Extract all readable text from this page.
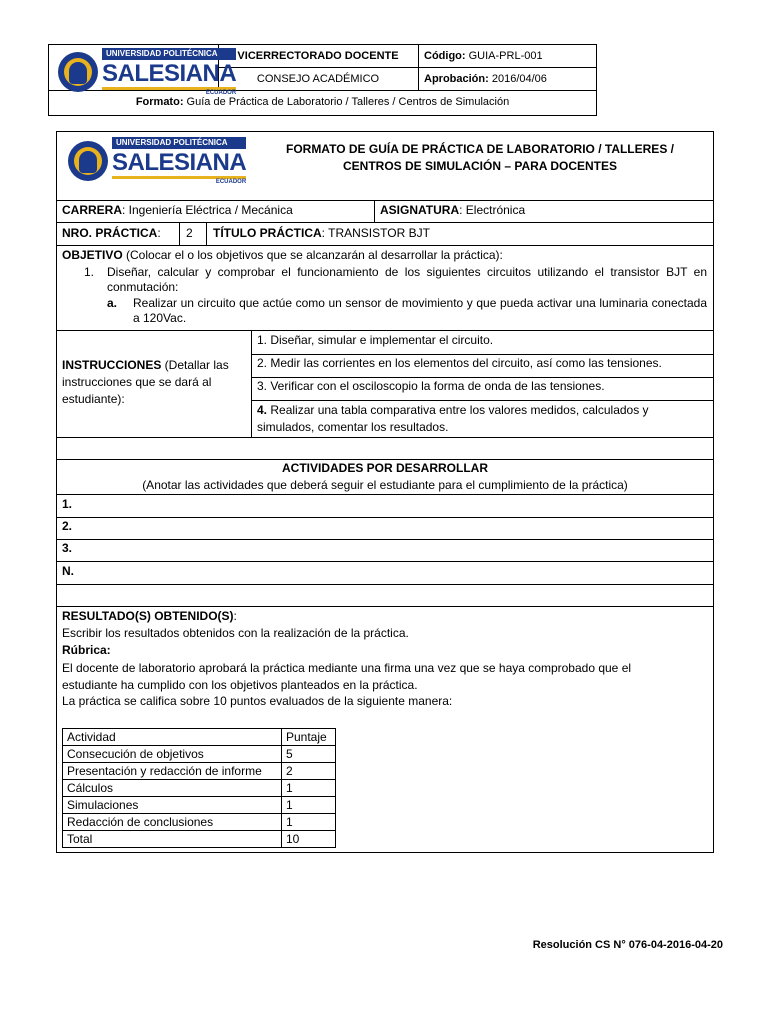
UNIVERSIDAD POLITÉCNICA
SALESIANA
ECUADOR
VICERRECTORADO DOCENTE
CONSEJO ACADÉMICO
Código: GUIA-PRL-001
Aprobación: 2016/04/06
Formato: Guía de Práctica de Laboratorio / Talleres / Centros de Simulación
UNIVERSIDAD POLITÉCNICA
SALESIANA
ECUADOR
FORMATO DE GUÍA DE PRÁCTICA DE LABORATORIO / TALLERES /
CENTROS DE SIMULACIÓN – PARA DOCENTES
CARRERA: Ingeniería Eléctrica / Mecánica	ASIGNATURA: Electrónica
NRO. PRÁCTICA: 2 TÍTULO PRÁCTICA: TRANSISTOR BJT
OBJETIVO (Colocar el o los objetivos que se alcanzarán al desarrollar la práctica):
1. Diseñar, calcular y comprobar el funcionamiento de los siguientes circuitos utilizando el transistor BJT en conmutación:
a. Realizar un circuito que actúe como un sensor de movimiento y que pueda activar una luminaria conectada a 120Vac.
INSTRUCCIONES (Detallar las instrucciones que se dará al estudiante):
1. Diseñar, simular e implementar el circuito.
2. Medir las corrientes en los elementos del circuito, así como las tensiones.
3. Verificar con el osciloscopio la forma de onda de las tensiones.
4. Realizar una tabla comparativa entre los valores medidos, calculados y simulados, comentar los resultados.
ACTIVIDADES POR DESARROLLAR
(Anotar las actividades que deberá seguir el estudiante para el cumplimiento de la práctica)
1.
2.
3.
N.
RESULTADO(S) OBTENIDO(S):
Escribir los resultados obtenidos con la realización de la práctica.
Rúbrica:
El docente de laboratorio aprobará la práctica mediante una firma una vez que se haya comprobado que el estudiante ha cumplido con los objetivos planteados en la práctica.
La práctica se califica sobre 10 puntos evaluados de la siguiente manera:
Actividad	Puntaje
Consecución de objetivos	5
Presentación y redacción de informe	2
Cálculos	1
Simulaciones	1
Redacción de conclusiones	1
Total	10
Resolución CS N° 076-04-2016-04-20
